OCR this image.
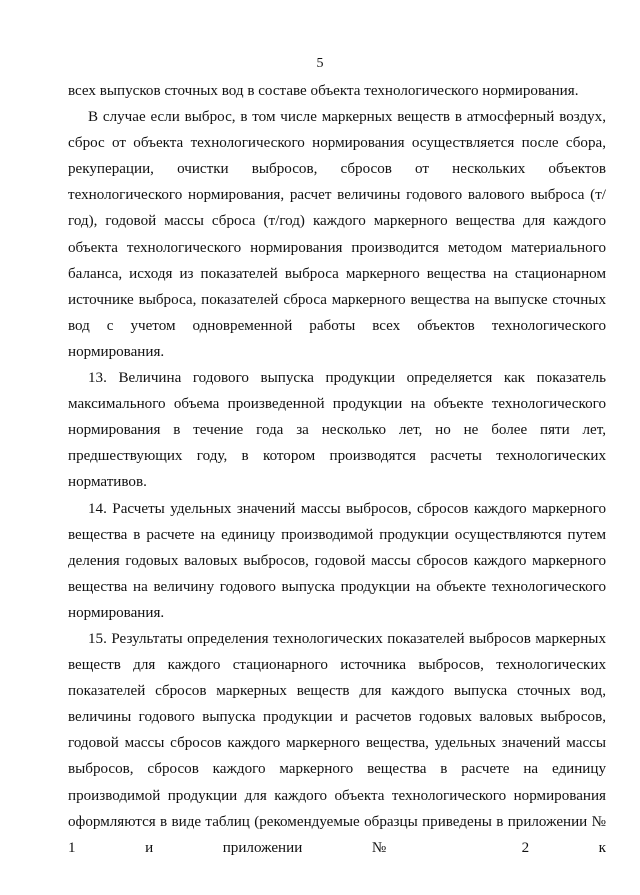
5

всех выпусков сточных вод в составе объекта технологического нормирования.

В случае если выброс, в том числе маркерных веществ в атмосферный воздух, сброс от объекта технологического нормирования осуществляется после сбора, рекуперации, очистки выбросов, сбросов от нескольких объектов технологического нормирования, расчет величины годового валового выброса (т/год), годовой массы сброса (т/год) каждого маркерного вещества для каждого объекта технологического нормирования производится методом материального баланса, исходя из показателей выброса маркерного вещества на стационарном источнике выброса, показателей сброса маркерного вещества на выпуске сточных вод с учетом одновременной работы всех объектов технологического нормирования.

13. Величина годового выпуска продукции определяется как показатель максимального объема произведенной продукции на объекте технологического нормирования в течение года за несколько лет, но не более пяти лет, предшествующих году, в котором производятся расчеты технологических нормативов.

14. Расчеты удельных значений массы выбросов, сбросов каждого маркерного вещества в расчете на единицу производимой продукции осуществляются путем деления годовых валовых выбросов, годовой массы сбросов каждого маркерного вещества на величину годового выпуска продукции на объекте технологического нормирования.

15. Результаты определения технологических показателей выбросов маркерных веществ для каждого стационарного источника выбросов, технологических показателей сбросов маркерных веществ для каждого выпуска сточных вод, величины годового выпуска продукции и расчетов годовых валовых выбросов, годовой массы сбросов каждого маркерного вещества, удельных значений массы выбросов, сбросов каждого маркерного вещества в расчете на единицу производимой продукции для каждого объекта технологического нормирования оформляются в виде таблиц (рекомендуемые образцы приведены в приложении № 1 и приложении № 2 к
